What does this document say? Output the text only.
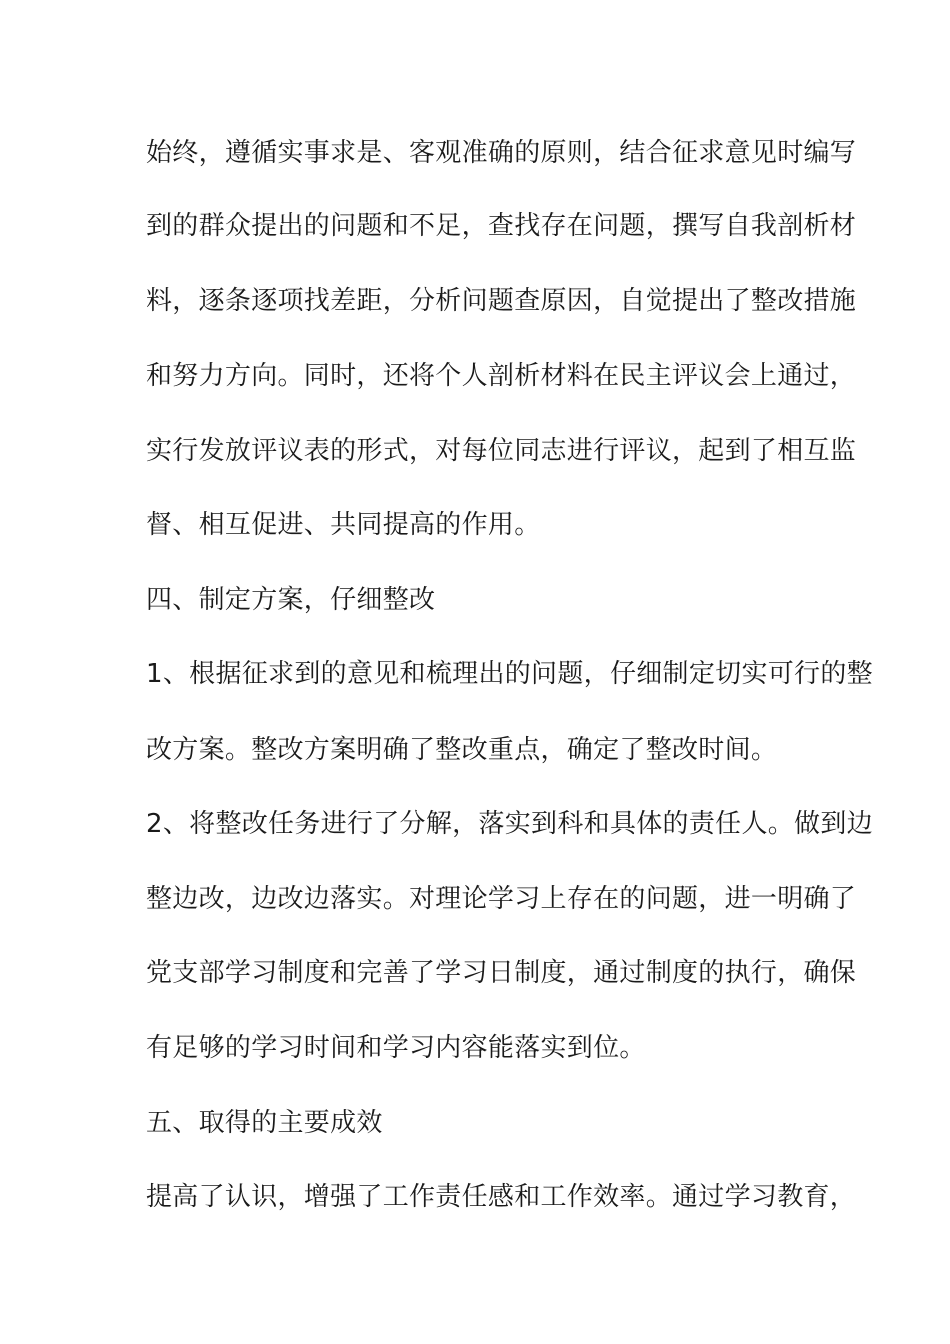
始终，遵循实事求是、客观准确的原则，结合征求意见时编写
到的群众提出的问题和不足，查找存在问题，撰写自我剖析材
料，逐条逐项找差距，分析问题查原因，自觉提出了整改措施
和努力方向。同时，还将个人剖析材料在民主评议会上通过，
实行发放评议表的形式，对每位同志进行评议，起到了相互监
督、相互促进、共同提高的作用。
四、制定方案，仔细整改
1、根据征求到的意见和梳理出的问题，仔细制定切实可行的整
改方案。整改方案明确了整改重点，确定了整改时间。
2、将整改任务进行了分解，落实到科和具体的责任人。做到边
整边改，边改边落实。对理论学习上存在的问题，进一明确了
党支部学习制度和完善了学习日制度，通过制度的执行，确保
有足够的学习时间和学习内容能落实到位。
五、取得的主要成效
提高了认识，增强了工作责任感和工作效率。通过学习教育，
